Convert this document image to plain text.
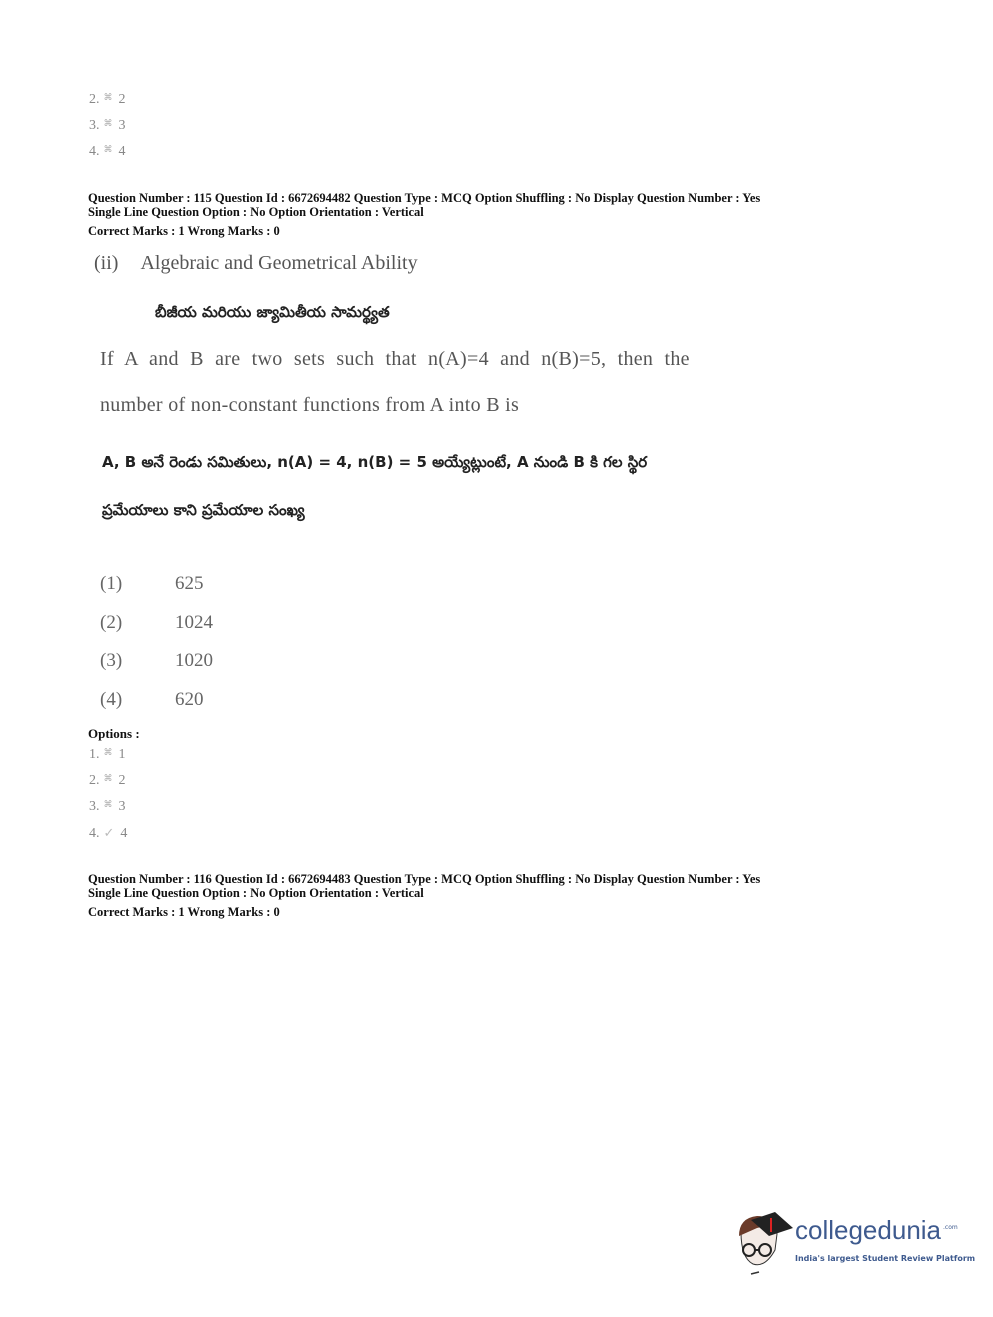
2. ⌘ 2
3. ⌘ 3
4. ⌘ 4
Question Number : 115 Question Id : 6672694482 Question Type : MCQ Option Shuffling : No Display Question Number : Yes
Single Line Question Option : No Option Orientation : Vertical
Correct Marks : 1 Wrong Marks : 0
(ii) Algebraic and Geometrical Ability
బీజీయ మరియు జ్యామితీయ సామర్థ్యత
If A and B are two sets such that n(A)=4 and n(B)=5, then the
number of non-constant functions from A into B is
A, B అనే రెండు సమితులు, n(A) = 4, n(B) = 5 అయ్యేట్లుంటే, A నుండి B కి గల స్థిర
ప్రమేయాలు కాని ప్రమేయాల సంఖ్య
(1)	625
(2)	1024
(3)	1020
(4)	620
Options :
1. ⌘ 1
2. ⌘ 2
3. ⌘ 3
4. ✓ 4
Question Number : 116 Question Id : 6672694483 Question Type : MCQ Option Shuffling : No Display Question Number : Yes
Single Line Question Option : No Option Orientation : Vertical
Correct Marks : 1 Wrong Marks : 0
collegedunia .com
India's largest Student Review Platform
